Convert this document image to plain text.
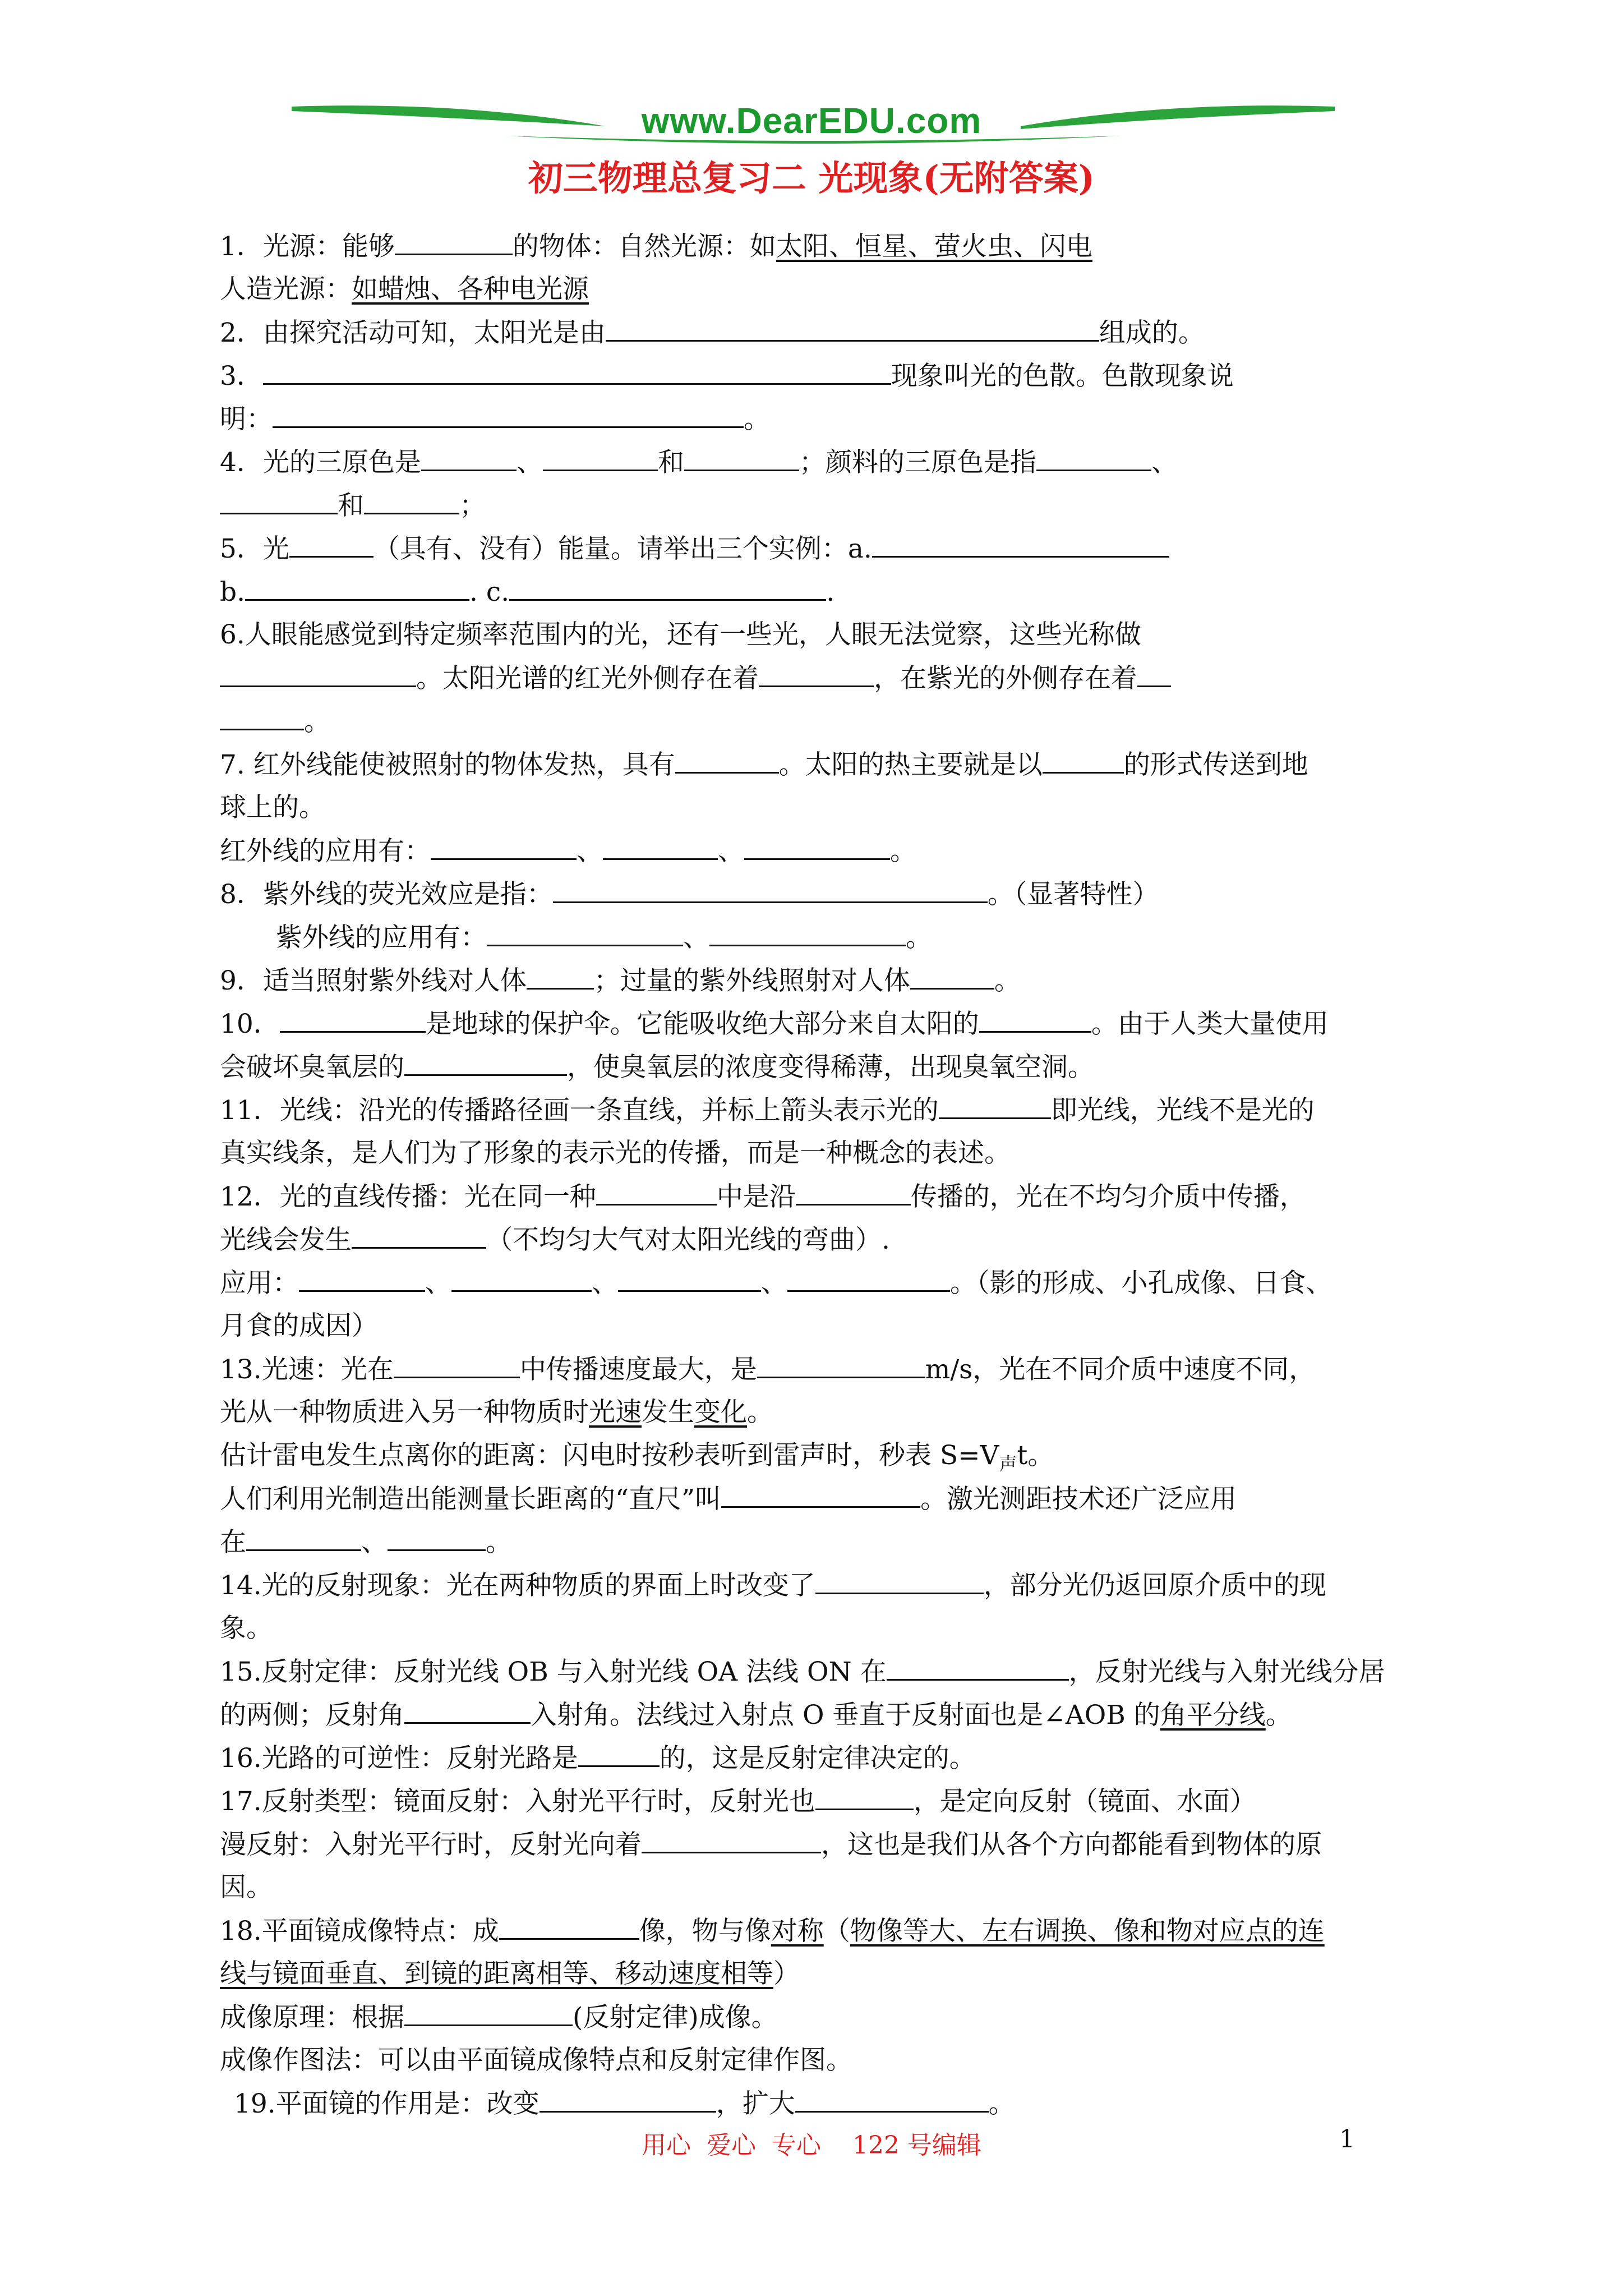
www.DearEDU.com
初三物理总复习二 光现象(无附答案)
1．光源：能够	的物体：自然光源：如太阳、恒星、萤火虫、闪电
人造光源：如蜡烛、各种电光源
2．由探究活动可知，太阳光是由	组成的。
3．	现象叫光的色散。色散现象说
明：	。
4．光的三原色是	、	和	；颜料的三原色是指	、
和	；
5．光	（具有、没有）能量。请举出三个实例：a.
b.	. c.	.
6.人眼能感觉到特定频率范围内的光，还有一些光，人眼无法觉察，这些光称做
。太阳光谱的红光外侧存在着	，在紫光的外侧存在着
。
7. 红外线能使被照射的物体发热，具有	。太阳的热主要就是以	的形式传送到地
球上的。
红外线的应用有：	、	、	。
8．紫外线的荧光效应是指：	。（显著特性）
紫外线的应用有：	、	。
9．适当照射紫外线对人体	；过量的紫外线照射对人体	。
10．	是地球的保护伞。它能吸收绝大部分来自太阳的	。由于人类大量使用
会破坏臭氧层的	，使臭氧层的浓度变得稀薄，出现臭氧空洞。
11．光线：沿光的传播路径画一条直线，并标上箭头表示光的	即光线，光线不是光的
真实线条，是人们为了形象的表示光的传播，而是一种概念的表述。
12．光的直线传播：光在同一种	中是沿	传播的，光在不均匀介质中传播，
光线会发生	（不均匀大气对太阳光线的弯曲）.
应用：	、	、	、	。（影的形成、小孔成像、日食、
月食的成因）
13.光速：光在	中传播速度最大，是	m/s，光在不同介质中速度不同，
光从一种物质进入另一种物质时光速发生变化。
估计雷电发生点离你的距离：闪电时按秒表听到雷声时，秒表 $S=V_声t$。
人们利用光制造出能测量长距离的“直尺”叫	。激光测距技术还广泛应用
在	、	。
14.光的反射现象：光在两种物质的界面上时改变了	，部分光仍返回原介质中的现
象。
15.反射定律：反射光线 OB 与入射光线 OA 法线 ON 在	，反射光线与入射光线分居
的两侧；反射角	入射角。法线过入射点 O 垂直于反射面也是∠AOB 的角平分线。
16.光路的可逆性：反射光路是	的，这是反射定律决定的。
17.反射类型：镜面反射：入射光平行时，反射光也	，是定向反射（镜面、水面）
漫反射：入射光平行时，反射光向着	，这也是我们从各个方向都能看到物体的原
因。
18.平面镜成像特点：成	像，物与像对称（物像等大、左右调换、像和物对应点的连
线与镜面垂直、到镜的距离相等、移动速度相等）
成像原理：根据	(反射定律)成像。
成像作图法：可以由平面镜成像特点和反射定律作图。
19.平面镜的作用是：改变	，扩大	。
用心  爱心  专心    122 号编辑	1
